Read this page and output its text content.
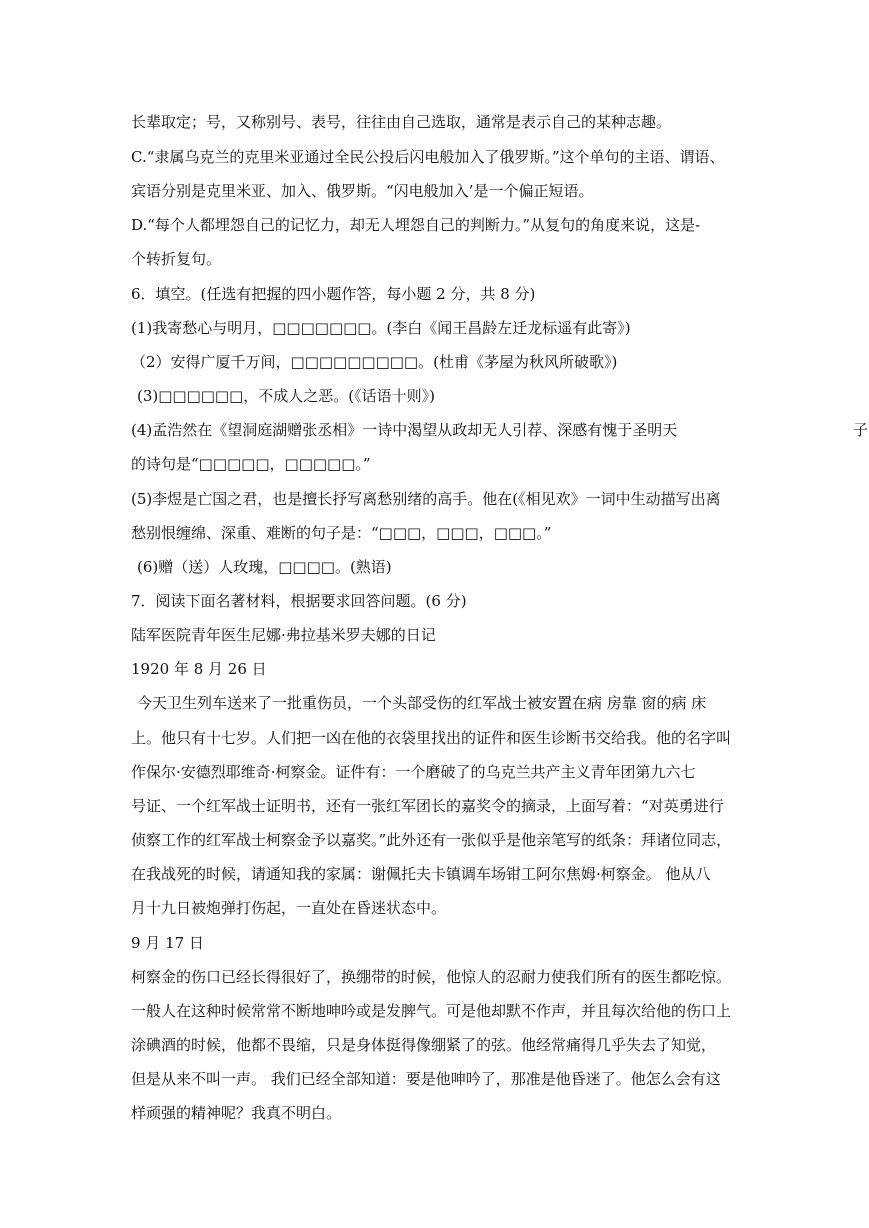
长辈取定；号，又称别号、表号，往往由自己选取，通常是表示自己的某种志趣。
C.“隶属乌克兰的克里米亚通过全民公投后闪电般加入了俄罗斯。”这个单句的主语、谓语、
宾语分别是克里米亚、加入、俄罗斯。“闪电般加入’是一个偏正短语。
D.“每个人都埋怨自己的记忆力，却无人埋怨自己的判断力。”从复句的角度来说，这是-
个转折复句。
6．填空。(任选有把握的四小题作答，每小题 2 分，共 8 分)
(1)我寄愁心与明月，□□□□□□□。(李白《闻王昌龄左迁龙标遥有此寄》)
（2）安得广厦千万间，□□□□□□□□□。(杜甫《茅屋为秋风所破歌》)
(3)□□□□□□，不成人之恶。(《话语十则》)
(4)孟浩然在《望洞庭湖赠张丞相》一诗中渴望从政却无人引荐、深感有愧于圣明天	子
的诗句是“□□□□□，□□□□□。”
(5)李煜是亡国之君，也是擅长抒写离愁别绪的高手。他在(《相见欢》一词中生动描写出离
愁别恨缠绵、深重、难断的句子是：“□□□，□□□，□□□。”
(6)赠（送）人玫瑰，□□□□。(熟语)
7．阅读下面名著材料，根据要求回答问题。(6 分)
陆军医院青年医生尼娜·弗拉基米罗夫娜的日记
1920 年 8 月 26 日
今天卫生列车送来了一批重伤员，一个头部受伤的红军战士被安置在病 房靠 窗的病 床
上。他只有十七岁。人们把一凶在他的衣袋里找出的证件和医生诊断书交给我。他的名字叫
作保尔·安德烈耶维奇·柯察金。证件有：一个磨破了的乌克兰共产主义青年团第九六七
号证、一个红军战士证明书，还有一张红军团长的嘉奖令的摘录，上面写着：“对英勇进行
侦察工作的红军战士柯察金予以嘉奖。”此外还有一张似乎是他亲笔写的纸条：拜诸位同志，
在我战死的时候，请通知我的家属：谢佩托夫卡镇调车场钳工阿尔焦姆·柯察金。 他从八
月十九日被炮弹打伤起，一直处在昏迷状态中。
9 月 17 日
柯察金的伤口已经长得很好了，换绷带的时候，他惊人的忍耐力使我们所有的医生都吃惊。
一般人在这种时候常常不断地呻吟或是发脾气。可是他却默不作声，并且每次给他的伤口上
涂碘酒的时候，他都不畏缩，只是身体挺得像绷紧了的弦。他经常痛得几乎失去了知觉，
但是从来不叫一声。 我们已经全部知道：要是他呻吟了，那准是他昏迷了。他怎么会有这
样顽强的精神呢？我真不明白。
